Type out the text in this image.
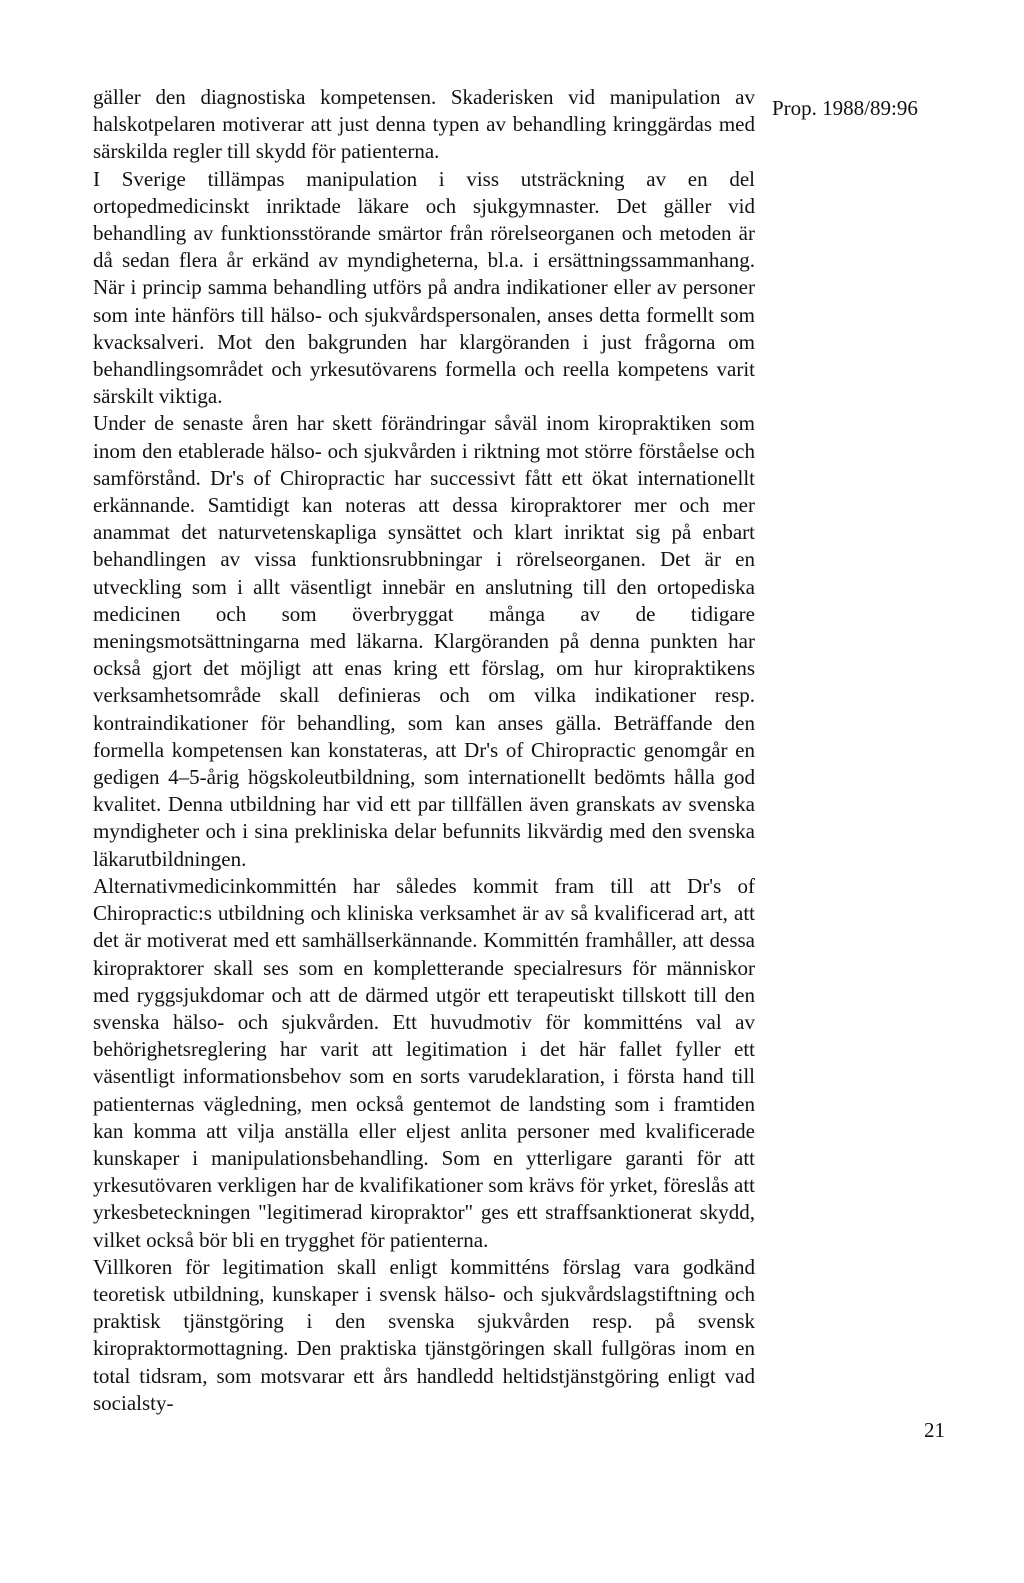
gäller den diagnostiska kompetensen. Skaderisken vid manipulation av halskotpelaren motiverar att just denna typen av behandling kringgärdas med särskilda regler till skydd för patienterna.

I Sverige tillämpas manipulation i viss utsträckning av en del ortopedmedicinskt inriktade läkare och sjukgymnaster. Det gäller vid behandling av funktionsstörande smärtor från rörelseorganen och metoden är då sedan flera år erkänd av myndigheterna, bl.a. i ersättningssammanhang. När i princip samma behandling utförs på andra indikationer eller av personer som inte hänförs till hälso- och sjukvårdspersonalen, anses detta formellt som kvacksalveri. Mot den bakgrunden har klargöranden i just frågorna om behandlingsområdet och yrkesutövarens formella och reella kompetens varit särskilt viktiga.

Under de senaste åren har skett förändringar såväl inom kiropraktiken som inom den etablerade hälso- och sjukvården i riktning mot större förståelse och samförstånd. Dr's of Chiropractic har successivt fått ett ökat internationellt erkännande. Samtidigt kan noteras att dessa kiropraktorer mer och mer anammat det naturvetenskapliga synsättet och klart inriktat sig på enbart behandlingen av vissa funktionsrubbningar i rörelseorganen. Det är en utveckling som i allt väsentligt innebär en anslutning till den ortopediska medicinen och som överbryggat många av de tidigare meningsmotsättningarna med läkarna. Klargöranden på denna punkten har också gjort det möjligt att enas kring ett förslag, om hur kiropraktikens verksamhetsområde skall definieras och om vilka indikationer resp. kontraindikationer för behandling, som kan anses gälla. Beträffande den formella kompetensen kan konstateras, att Dr's of Chiropractic genomgår en gedigen 4–5-årig högskoleutbildning, som internationellt bedömts hålla god kvalitet. Denna utbildning har vid ett par tillfällen även granskats av svenska myndigheter och i sina prekliniska delar befunnits likvärdig med den svenska läkarutbildningen.

Alternativmedicinkommittén har således kommit fram till att Dr's of Chiropractic:s utbildning och kliniska verksamhet är av så kvalificerad art, att det är motiverat med ett samhällserkännande. Kommittén framhåller, att dessa kiropraktorer skall ses som en kompletterande specialresurs för människor med ryggsjukdomar och att de därmed utgör ett terapeutiskt tillskott till den svenska hälso- och sjukvården. Ett huvudmotiv för kommitténs val av behörighetsreglering har varit att legitimation i det här fallet fyller ett väsentligt informationsbehov som en sorts varudeklaration, i första hand till patienternas vägledning, men också gentemot de landsting som i framtiden kan komma att vilja anställa eller eljest anlita personer med kvalificerade kunskaper i manipulationsbehandling. Som en ytterligare garanti för att yrkesutövaren verkligen har de kvalifikationer som krävs för yrket, föreslås att yrkesbeteckningen "legitimerad kiropraktor" ges ett straffsanktionerat skydd, vilket också bör bli en trygghet för patienterna.

Villkoren för legitimation skall enligt kommitténs förslag vara godkänd teoretisk utbildning, kunskaper i svensk hälso- och sjukvårdslagstiftning och praktisk tjänstgöring i den svenska sjukvården resp. på svensk kiropraktormottagning. Den praktiska tjänstgöringen skall fullgöras inom en total tidsram, som motsvarar ett års handledd heltidstjänstgöring enligt vad socialsty-

Prop. 1988/89:96
21
